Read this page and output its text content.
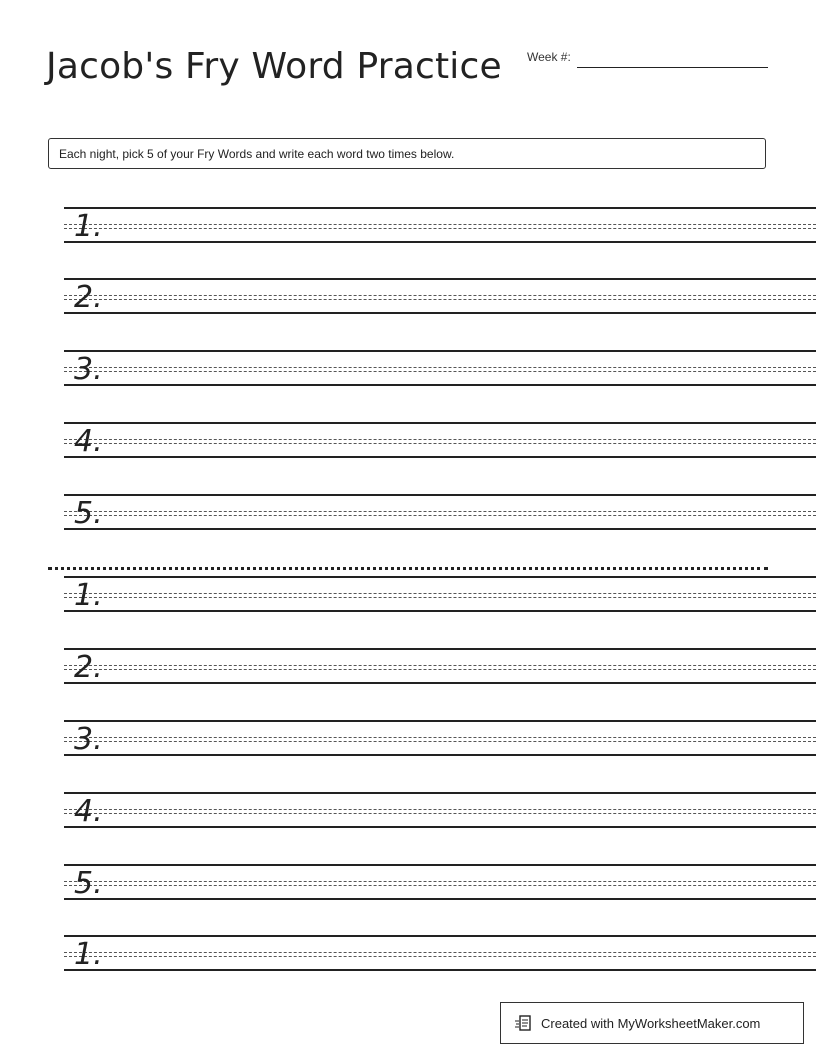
Jacob's Fry Word Practice Week #:
Each night, pick 5 of your Fry Words and write each word two times below.
1.
2.
3.
4.
5.
1.
2.
3.
4.
5.
1.
Created with MyWorksheetMaker.com
